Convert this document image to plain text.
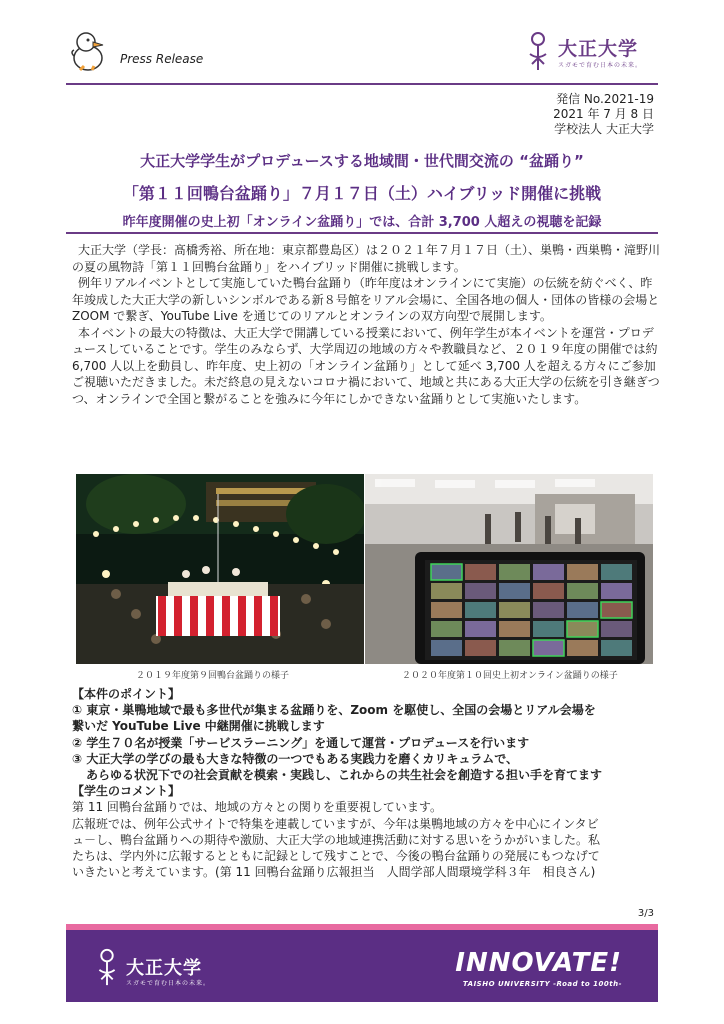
Press Release	大正大学
スガモで育む日本の未来。
発信 No.2021-19
2021 年 7 月 8 日
学校法人 大正大学
大正大学学生がプロデュースする地域間・世代間交流の “盆踊り”
「第１１回鴨台盆踊り」７月１７日（土）ハイブリッド開催に挑戦
昨年度開催の史上初「オンライン盆踊り」では、合計 3,700 人超えの視聴を記録

大正大学（学長：髙橋秀裕、所在地：東京都豊島区）は２０２１年７月１７日（土）、巣鴨・西巣鴨・滝野川の夏の風物詩「第１１回鴨台盆踊り」をハイブリッド開催に挑戦します。

例年リアルイベントとして実施していた鴨台盆踊り（昨年度はオンラインにて実施）の伝統を紡ぐべく、昨年竣成した大正大学の新しいシンボルである新８号館をリアル会場に、全国各地の個人・団体の皆様の会場と ZOOM で繋ぎ、YouTube Live を通じてのリアルとオンラインの双方向型で展開します。

本イベントの最大の特徴は、大正大学で開講している授業において、例年学生が本イベントを運営・プロデュースしていることです。学生のみならず、大学周辺の地域の方々や教職員など、２０１９年度の開催では約 6,700 人以上を動員し、昨年度、史上初の「オンライン盆踊り」として延べ 3,700 人を超える方々にご参加ご視聴いただきました。未だ終息の見えないコロナ禍において、地域と共にある大正大学の伝統を引き継ぎつつ、オンラインで全国と繋がることを強みに今年にしかできない盆踊りとして実施いたします。

２０１９年度第９回鴨台盆踊りの様子	２０２０年度第１０回史上初オンライン盆踊りの様子
【本件のポイント】
① 東京・巣鴨地域で最も多世代が集まる盆踊りを、Zoom を駆使し、全国の会場とリアル会場を
繋いだ YouTube Live 中継開催に挑戦します
② 学生７０名が授業「サービスラーニング」を通して運営・プロデュースを行います
③ 大正大学の学びの最も大きな特徴の一つでもある実践力を磨くカリキュラムで、
あらゆる状況下での社会貢献を模索・実践し、これからの共生社会を創造する担い手を育てます
【学生のコメント】
第 11 回鴨台盆踊りでは、地域の方々との関りを重要視しています。
広報班では、例年公式サイトで特集を連載していますが、今年は巣鴨地域の方々を中心にインタビ
ュ－し、鴨台盆踊りへの期待や激励、大正大学の地域連携活動に対する思いをうかがいました。私
たちは、学内外に広報するとともに記録として残すことで、今後の鴨台盆踊りの発展にもつなげて
いきたいと考えています。(第 11 回鴨台盆踊り広報担当　人間学部人間環境学科３年　相良さん)
3/3
大正大学
スガモで育む日本の未来。
INNOVATE!
TAISHO UNIVERSITY -Road to 100th-
